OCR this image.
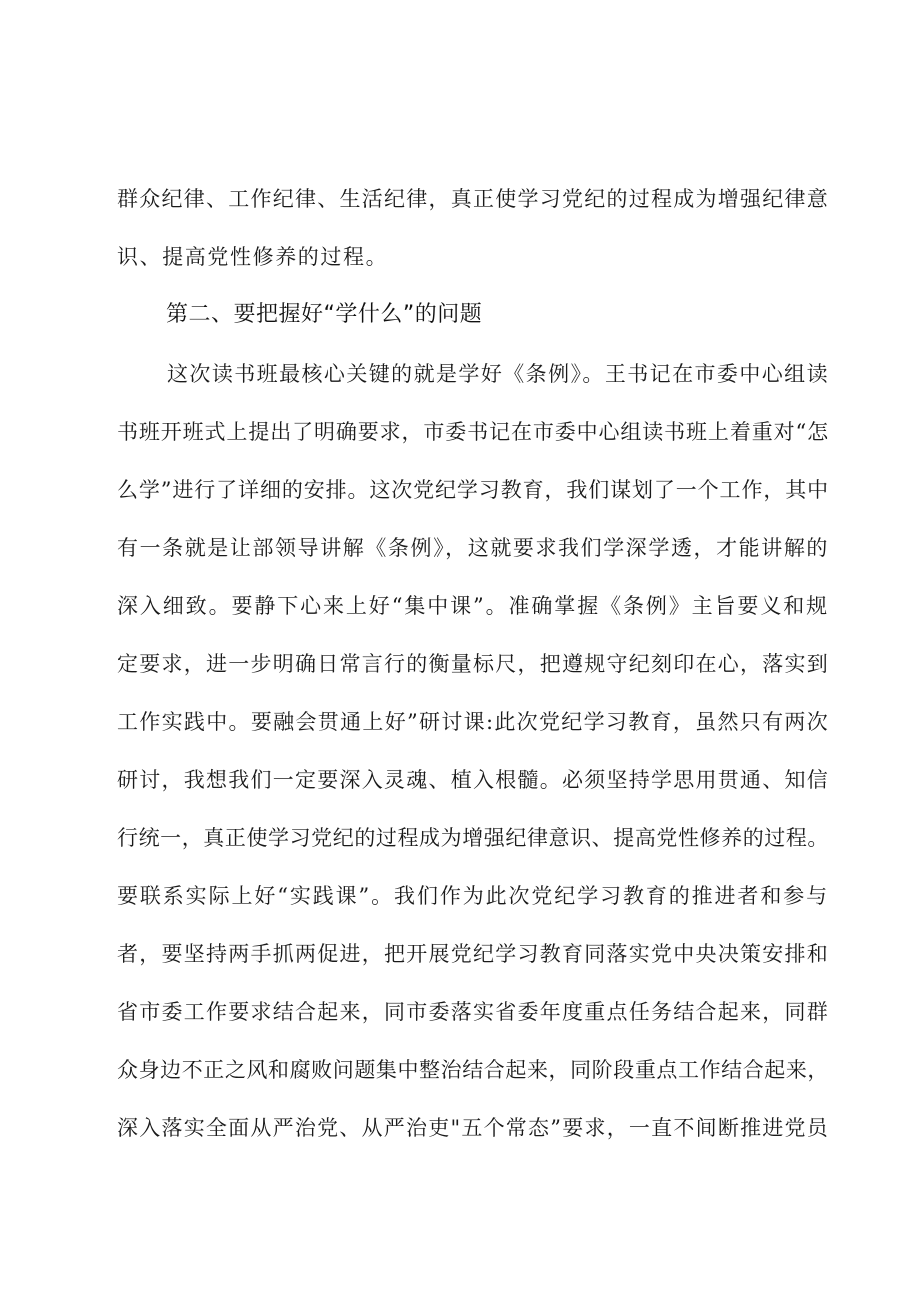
群众纪律、工作纪律、生活纪律，真正使学习党纪的过程成为增强纪律意
识、提高党性修养的过程。
第二、要把握好“学什么”的问题
这次读书班最核心关键的就是学好《条例》。王书记在市委中心组读
书班开班式上提出了明确要求，市委书记在市委中心组读书班上着重对“怎
么学”进行了详细的安排。这次党纪学习教育，我们谋划了一个工作，其中
有一条就是让部领导讲解《条例》，这就要求我们学深学透，才能讲解的
深入细致。要静下心来上好“集中课”。准确掌握《条例》主旨要义和规
定要求，进一步明确日常言行的衡量标尺，把遵规守纪刻印在心，落实到
工作实践中。要融会贯通上好”研讨课:此次党纪学习教育，虽然只有两次
研讨，我想我们一定要深入灵魂、植入根髓。必须坚持学思用贯通、知信
行统一，真正使学习党纪的过程成为增强纪律意识、提高党性修养的过程。
要联系实际上好“实践课”。我们作为此次党纪学习教育的推进者和参与
者，要坚持两手抓两促进，把开展党纪学习教育同落实党中央决策安排和
省市委工作要求结合起来，同市委落实省委年度重点任务结合起来，同群
众身边不正之风和腐败问题集中整治结合起来，同阶段重点工作结合起来，
深入落实全面从严治党、从严治吏"五个常态”要求，一直不间断推进党员
